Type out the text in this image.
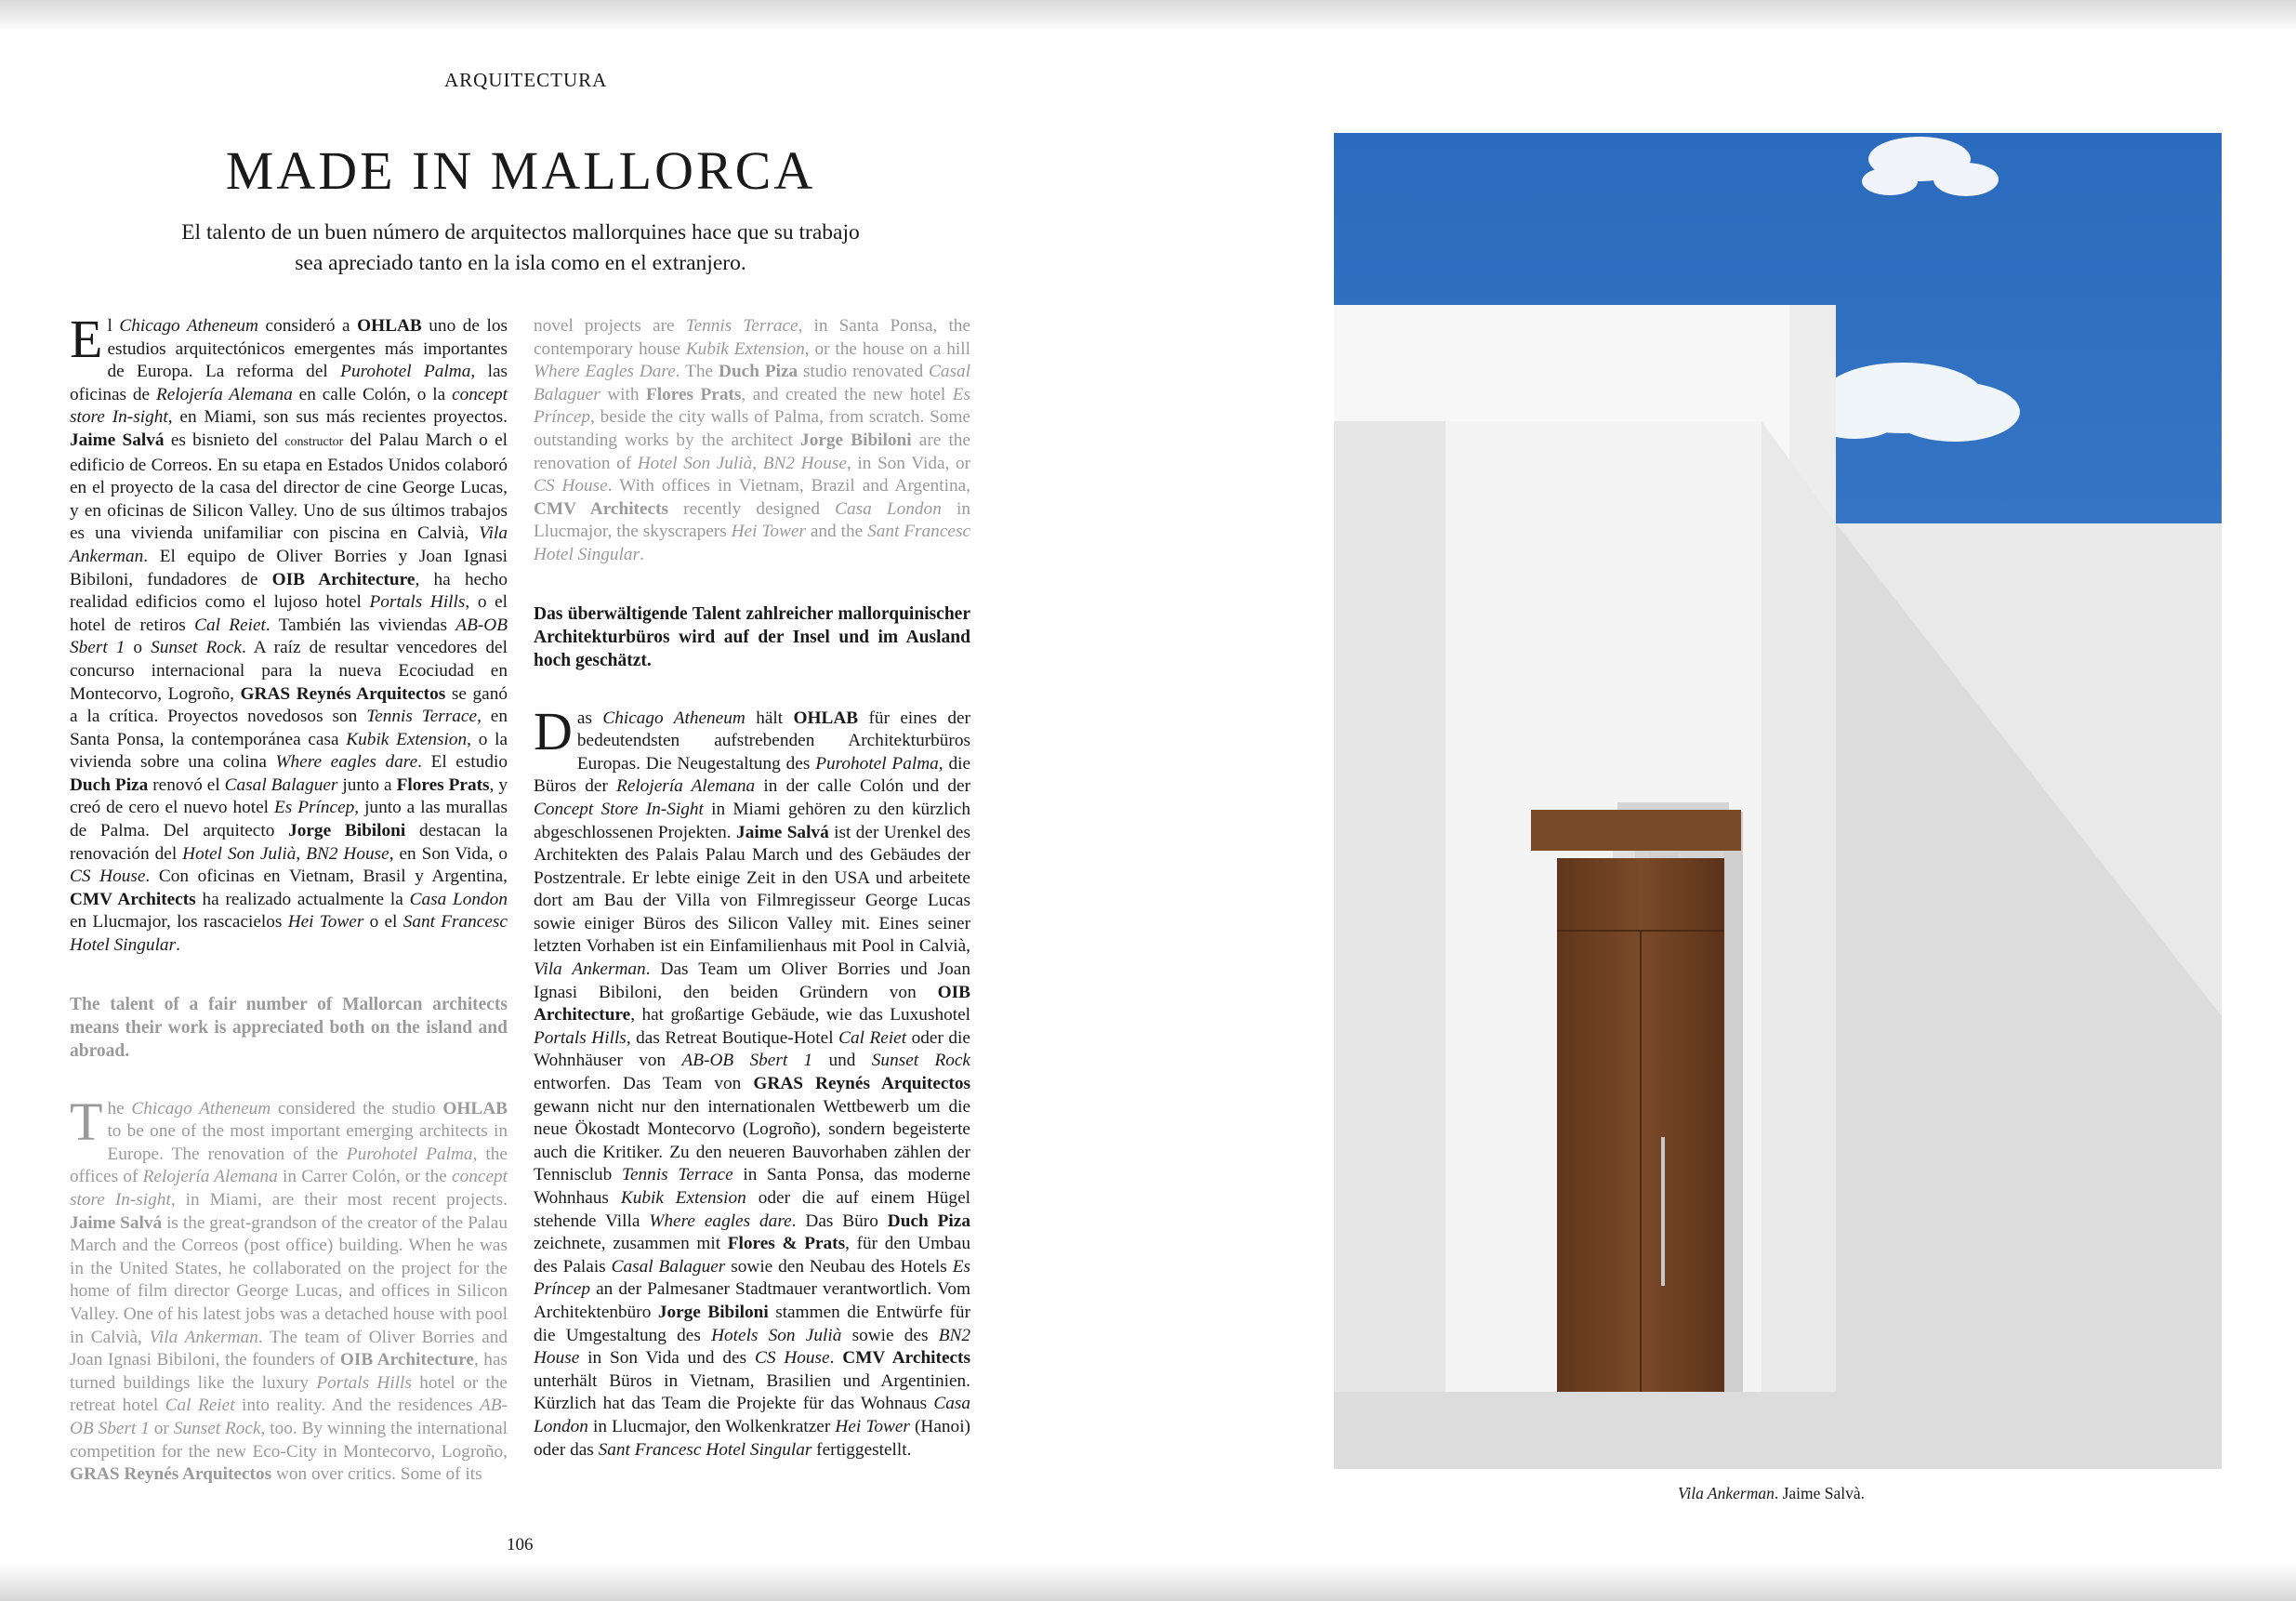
ARQUITECTURA
MADE IN MALLORCA
El talento de un buen número de arquitectos mallorquines hace que su trabajo
sea apreciado tanto en la isla como en el extranjero.

El Chicago Atheneum consideró a OHLAB uno de los estudios arquitectónicos emergentes más importantes de Europa. La reforma del Purohotel Palma, las oficinas de Relojería Alemana en calle Colón, o la concept store In-sight, en Miami, son sus más recientes proyectos. Jaime Salvá es bisnieto del constructor del Palau March o el edificio de Correos. En su etapa en Estados Unidos colaboró en el proyecto de la casa del director de cine George Lucas, y en oficinas de Silicon Valley. Uno de sus últimos trabajos es una vivienda unifamiliar con piscina en Calvià, Vila Ankerman. El equipo de Oliver Borries y Joan Ignasi Bibiloni, fundadores de OIB Architecture, ha hecho realidad edificios como el lujoso hotel Portals Hills, o el hotel de retiros Cal Reiet. También las viviendas AB-OB Sbert 1 o Sunset Rock. A raíz de resultar vencedores del concurso internacional para la nueva Ecociudad en Montecorvo, Logroño, GRAS Reynés Arquitectos se ganó a la crítica. Proyectos novedosos son Tennis Terrace, en Santa Ponsa, la contemporánea casa Kubik Extension, o la vivienda sobre una colina Where eagles dare. El estudio Duch Piza renovó el Casal Balaguer junto a Flores Prats, y creó de cero el nuevo hotel Es Príncep, junto a las murallas de Palma. Del arquitecto Jorge Bibiloni destacan la renovación del Hotel Son Julià, BN2 House, en Son Vida, o CS House. Con oficinas en Vietnam, Brasil y Argentina, CMV Architects ha realizado actualmente la Casa London en Llucmajor, los rascacielos Hei Tower o el Sant Francesc Hotel Singular.

The talent of a fair number of Mallorcan architects means their work is appreciated both on the island and abroad.

The Chicago Atheneum considered the studio OHLAB to be one of the most important emerging architects in Europe. The renovation of the Purohotel Palma, the offices of Relojería Alemana in Carrer Colón, or the concept store In-sight, in Miami, are their most recent projects. Jaime Salvá is the great-grandson of the creator of the Palau March and the Correos (post office) building. When he was in the United States, he collaborated on the project for the home of film director George Lucas, and offices in Silicon Valley. One of his latest jobs was a detached house with pool in Calvià, Vila Ankerman. The team of Oliver Borries and Joan Ignasi Bibiloni, the founders of OIB Architecture, has turned buildings like the luxury Portals Hills hotel or the retreat hotel Cal Reiet into reality. And the residences AB-OB Sbert 1 or Sunset Rock, too. By winning the international competition for the new Eco-City in Montecorvo, Logroño, GRAS Reynés Arquitectos won over critics. Some of its

novel projects are Tennis Terrace, in Santa Ponsa, the contemporary house Kubik Extension, or the house on a hill Where Eagles Dare. The Duch Piza studio renovated Casal Balaguer with Flores Prats, and created the new hotel Es Príncep, beside the city walls of Palma, from scratch. Some outstanding works by the architect Jorge Bibiloni are the renovation of Hotel Son Julià, BN2 House, in Son Vida, or CS House. With offices in Vietnam, Brazil and Argentina, CMV Architects recently designed Casa London in Llucmajor, the skyscrapers Hei Tower and the Sant Francesc Hotel Singular.

Das überwältigende Talent zahlreicher mallorquinischer Architekturbüros wird auf der Insel und im Ausland hoch geschätzt.

Das Chicago Atheneum hält OHLAB für eines der bedeutendsten aufstrebenden Architekturbüros Europas. Die Neugestaltung des Purohotel Palma, die Büros der Relojería Alemana in der calle Colón und der Concept Store In-Sight in Miami gehören zu den kürzlich abgeschlossenen Projekten. Jaime Salvá ist der Urenkel des Architekten des Palais Palau March und des Gebäudes der Postzentrale. Er lebte einige Zeit in den USA und arbeitete dort am Bau der Villa von Filmregisseur George Lucas sowie einiger Büros des Silicon Valley mit. Eines seiner letzten Vorhaben ist ein Einfamilienhaus mit Pool in Calvià, Vila Ankerman. Das Team um Oliver Borries und Joan Ignasi Bibiloni, den beiden Gründern von OIB Architecture, hat großartige Gebäude, wie das Luxushotel Portals Hills, das Retreat Boutique-Hotel Cal Reiet oder die Wohnhäuser von AB-OB Sbert 1 und Sunset Rock entworfen. Das Team von GRAS Reynés Arquitectos gewann nicht nur den internationalen Wettbewerb um die neue Ökostadt Montecorvo (Logroño), sondern begeisterte auch die Kritiker. Zu den neueren Bauvorhaben zählen der Tennisclub Tennis Terrace in Santa Ponsa, das moderne Wohnhaus Kubik Extension oder die auf einem Hügel stehende Villa Where eagles dare. Das Büro Duch Piza zeichnete, zusammen mit Flores & Prats, für den Umbau des Palais Casal Balaguer sowie den Neubau des Hotels Es Príncep an der Palmesaner Stadtmauer verantwortlich. Vom Architektenbüro Jorge Bibiloni stammen die Entwürfe für die Umgestaltung des Hotels Son Julià sowie des BN2 House in Son Vida und des CS House. CMV Architects unterhält Büros in Vietnam, Brasilien und Argentinien. Kürzlich hat das Team die Projekte für das Wohnaus Casa London in Llucmajor, den Wolkenkratzer Hei Tower (Hanoi) oder das Sant Francesc Hotel Singular fertiggestellt.

Vila Ankerman. Jaime Salvà.
106
